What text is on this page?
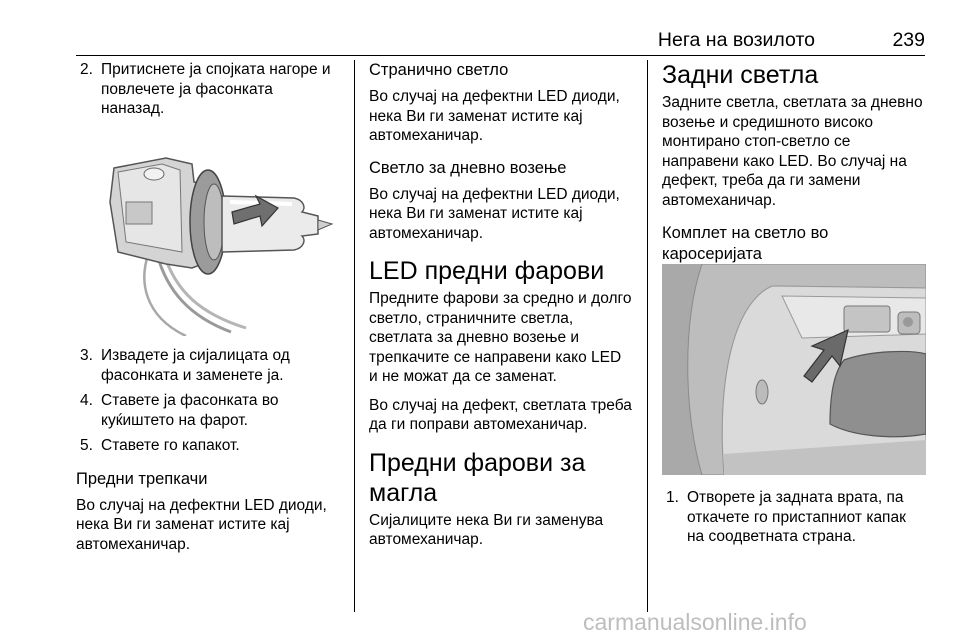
Нега на возилото	239
2. Притиснете ја спојката нагоре и повлечете ја фасонката наназад.
3. Извадете ја сијалицата од фасонката и заменете ја.
4. Ставете ја фасонката во куќиштето на фарот.
5. Ставете го капакот.

Предни трепкачи

Во случај на дефектни LED диоди, нека Ви ги заменат истите кај автомеханичар.

Странично светло

Во случај на дефектни LED диоди, нека Ви ги заменат истите кај автомеханичар.

Светло за дневно возење

Во случај на дефектни LED диоди, нека Ви ги заменат истите кај автомеханичар.

LED предни фарови

Предните фарови за средно и долго светло, страничните светла, светлата за дневно возење и трепкачите се направени како LED и не можат да се заменат.

Во случај на дефект, светлата треба да ги поправи автомеханичар.

Предни фарови за магла

Сијалиците нека Ви ги заменува автомеханичар.

Задни светла

Задните светла, светлата за дневно возење и средишното високо монтирано стоп-светло се направени како LED. Во случај на дефект, треба да ги замени автомеханичар.

Комплет на светло во каросеријата

1. Отворете ја задната врата, па откачете го пристапниот капак на соодветната страна.
carmanualsonline.info
